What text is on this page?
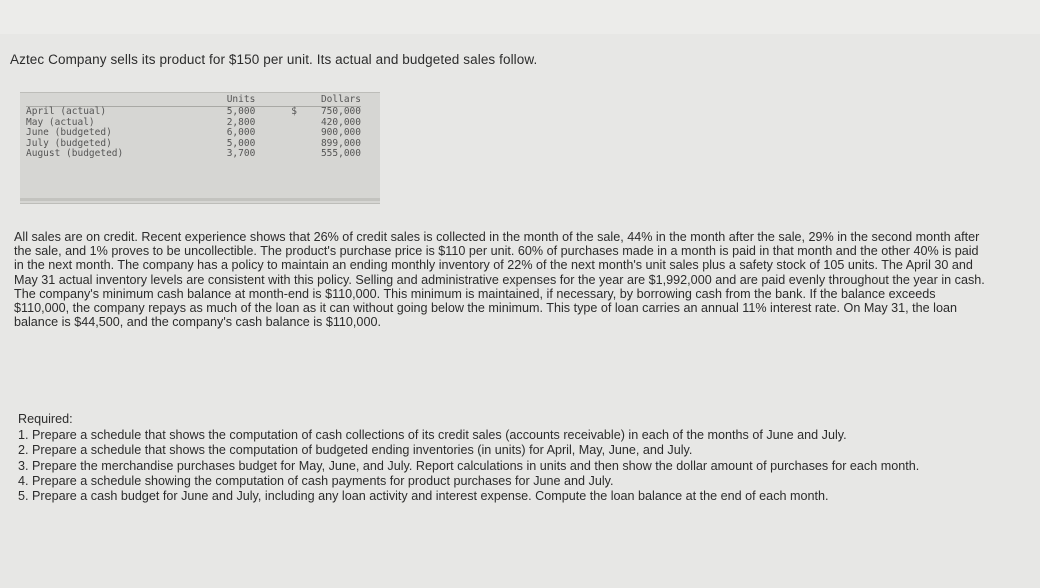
Aztec Company sells its product for $150 per unit. Its actual and budgeted sales follow.
	Units		Dollars
April (actual)	5,000	$	750,000
May (actual)	2,800		420,000
June (budgeted)	6,000		900,000
July (budgeted)	5,000		899,000
August (budgeted)	3,700		555,000

All sales are on credit. Recent experience shows that 26% of credit sales is collected in the month of the sale, 44% in the month after the sale, 29% in the second month after the sale, and 1% proves to be uncollectible. The product's purchase price is $110 per unit. 60% of purchases made in a month is paid in that month and the other 40% is paid in the next month. The company has a policy to maintain an ending monthly inventory of 22% of the next month's unit sales plus a safety stock of 105 units. The April 30 and May 31 actual inventory levels are consistent with this policy. Selling and administrative expenses for the year are $1,992,000 and are paid evenly throughout the year in cash. The company's minimum cash balance at month-end is $110,000. This minimum is maintained, if necessary, by borrowing cash from the bank. If the balance exceeds $110,000, the company repays as much of the loan as it can without going below the minimum. This type of loan carries an annual 11% interest rate. On May 31, the loan balance is $44,500, and the company's cash balance is $110,000.

Required:
1. Prepare a schedule that shows the computation of cash collections of its credit sales (accounts receivable) in each of the months of June and July.
2. Prepare a schedule that shows the computation of budgeted ending inventories (in units) for April, May, June, and July.
3. Prepare the merchandise purchases budget for May, June, and July. Report calculations in units and then show the dollar amount of purchases for each month.
4. Prepare a schedule showing the computation of cash payments for product purchases for June and July.
5. Prepare a cash budget for June and July, including any loan activity and interest expense. Compute the loan balance at the end of each month.
